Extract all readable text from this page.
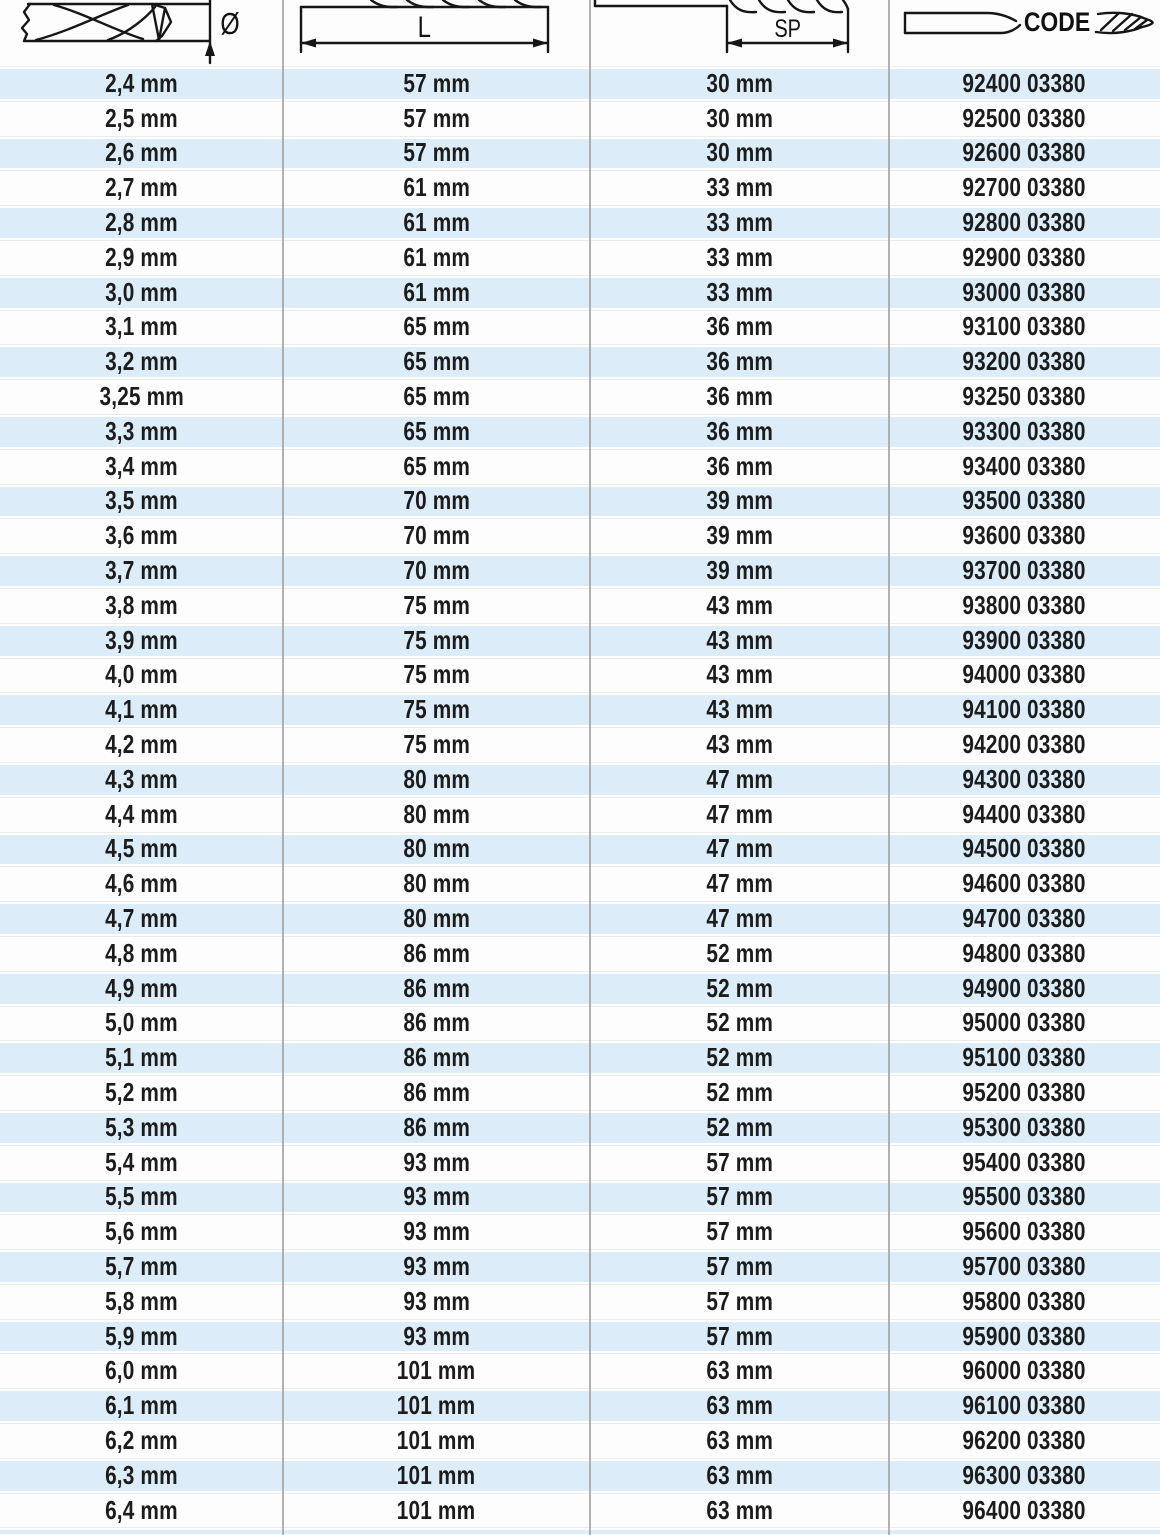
Ø	L	SP	CODE
2,4 mm	57 mm	30 mm	92400 03380
2,5 mm	57 mm	30 mm	92500 03380
2,6 mm	57 mm	30 mm	92600 03380
2,7 mm	61 mm	33 mm	92700 03380
2,8 mm	61 mm	33 mm	92800 03380
2,9 mm	61 mm	33 mm	92900 03380
3,0 mm	61 mm	33 mm	93000 03380
3,1 mm	65 mm	36 mm	93100 03380
3,2 mm	65 mm	36 mm	93200 03380
3,25 mm	65 mm	36 mm	93250 03380
3,3 mm	65 mm	36 mm	93300 03380
3,4 mm	65 mm	36 mm	93400 03380
3,5 mm	70 mm	39 mm	93500 03380
3,6 mm	70 mm	39 mm	93600 03380
3,7 mm	70 mm	39 mm	93700 03380
3,8 mm	75 mm	43 mm	93800 03380
3,9 mm	75 mm	43 mm	93900 03380
4,0 mm	75 mm	43 mm	94000 03380
4,1 mm	75 mm	43 mm	94100 03380
4,2 mm	75 mm	43 mm	94200 03380
4,3 mm	80 mm	47 mm	94300 03380
4,4 mm	80 mm	47 mm	94400 03380
4,5 mm	80 mm	47 mm	94500 03380
4,6 mm	80 mm	47 mm	94600 03380
4,7 mm	80 mm	47 mm	94700 03380
4,8 mm	86 mm	52 mm	94800 03380
4,9 mm	86 mm	52 mm	94900 03380
5,0 mm	86 mm	52 mm	95000 03380
5,1 mm	86 mm	52 mm	95100 03380
5,2 mm	86 mm	52 mm	95200 03380
5,3 mm	86 mm	52 mm	95300 03380
5,4 mm	93 mm	57 mm	95400 03380
5,5 mm	93 mm	57 mm	95500 03380
5,6 mm	93 mm	57 mm	95600 03380
5,7 mm	93 mm	57 mm	95700 03380
5,8 mm	93 mm	57 mm	95800 03380
5,9 mm	93 mm	57 mm	95900 03380
6,0 mm	101 mm	63 mm	96000 03380
6,1 mm	101 mm	63 mm	96100 03380
6,2 mm	101 mm	63 mm	96200 03380
6,3 mm	101 mm	63 mm	96300 03380
6,4 mm	101 mm	63 mm	96400 03380
